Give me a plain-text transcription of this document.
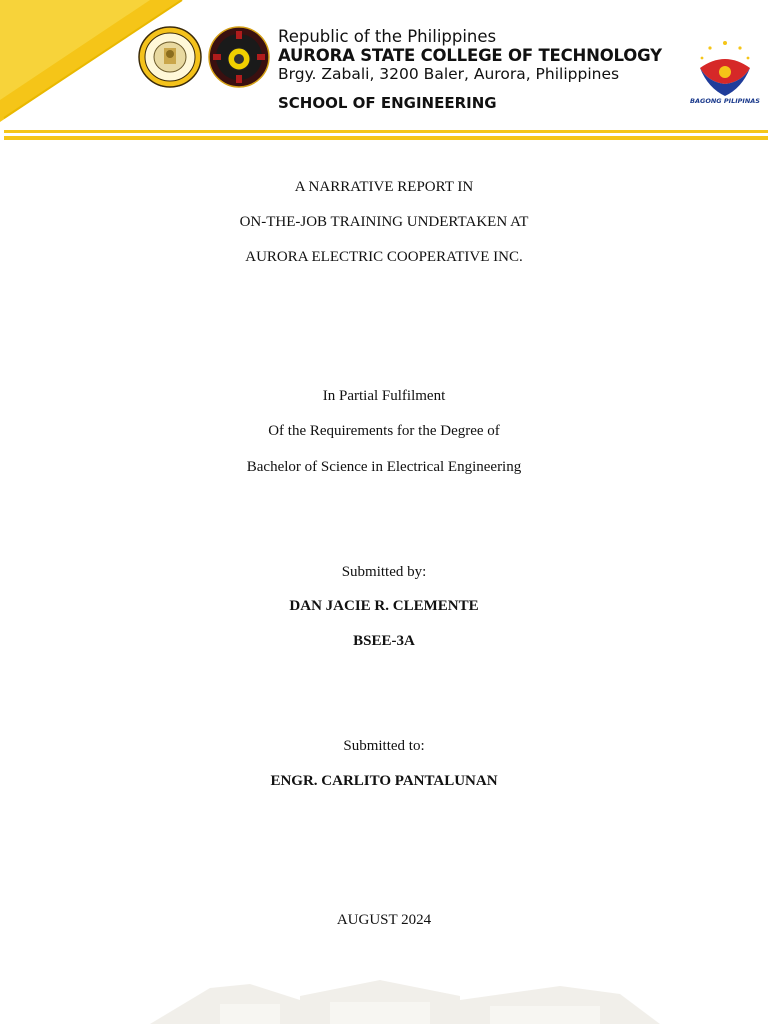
Republic of the Philippines
AURORA STATE COLLEGE OF TECHNOLOGY
Brgy. Zabali, 3200 Baler, Aurora, Philippines
SCHOOL OF ENGINEERING	BAGONG PILIPINAS
A NARRATIVE REPORT IN
ON-THE-JOB TRAINING UNDERTAKEN AT
AURORA ELECTRIC COOPERATIVE INC.
In Partial Fulfilment
Of the Requirements for the Degree of
Bachelor of Science in Electrical Engineering
Submitted by:
DAN JACIE R. CLEMENTE
BSEE-3A
Submitted to:
ENGR. CARLITO PANTALUNAN
AUGUST 2024
